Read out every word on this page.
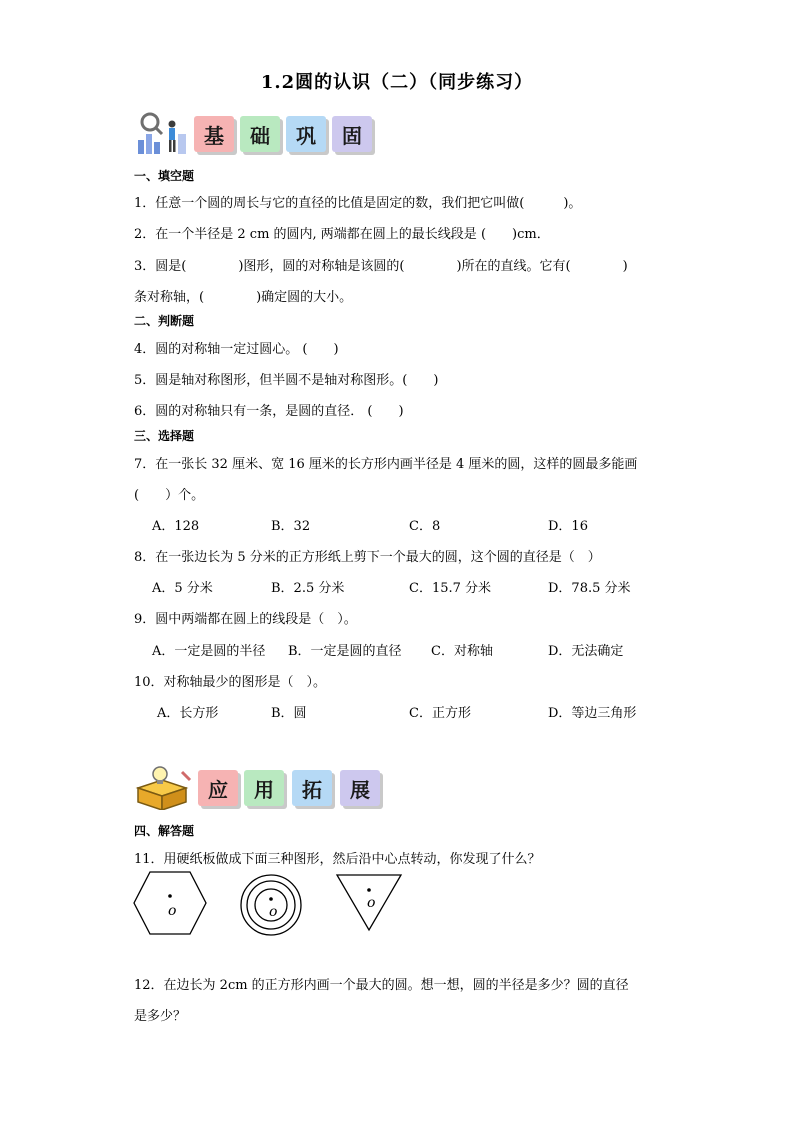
1.2圆的认识（二）（同步练习）
基	础	巩	固
一、填空题
1．任意一个圆的周长与它的直径的比值是固定的数，我们把它叫做(　　　)。
2．在一个半径是 2 cm 的圆内, 两端都在圆上的最长线段是 (　　)cm．
3．圆是(　　　　)图形，圆的对称轴是该圆的(　　　　)所在的直线。它有(　　　　)
条对称轴，(　　　　)确定圆的大小。
二、判断题
4．圆的对称轴一定过圆心。 (　　)
5．圆是轴对称图形，但半圆不是轴对称图形。(　　)
6．圆的对称轴只有一条，是圆的直径． (　　)
三、选择题
7．在一张长 32 厘米、宽 16 厘米的长方形内画半径是 4 厘米的圆，这样的圆最多能画
(　　）个。
A．128	B．32	C．8	D．16
8．在一张边长为 5 分米的正方形纸上剪下一个最大的圆，这个圆的直径是（　）
A．5 分米	B．2.5 分米	C．15.7 分米	D．78.5 分米
9．圆中两端都在圆上的线段是（　）。
A．一定是圆的半径 B．一定是圆的直径 C．对称轴	D．无法确定
10．对称轴最少的图形是（　）。
A．长方形	B．圆	C．正方形	D．等边三角形
应	用	拓	展
四、解答题
11．用硬纸板做成下面三种图形，然后沿中心点转动，你发现了什么？
o	o
o
12．在边长为 2cm 的正方形内画一个最大的圆。想一想，圆的半径是多少？圆的直径
是多少？
